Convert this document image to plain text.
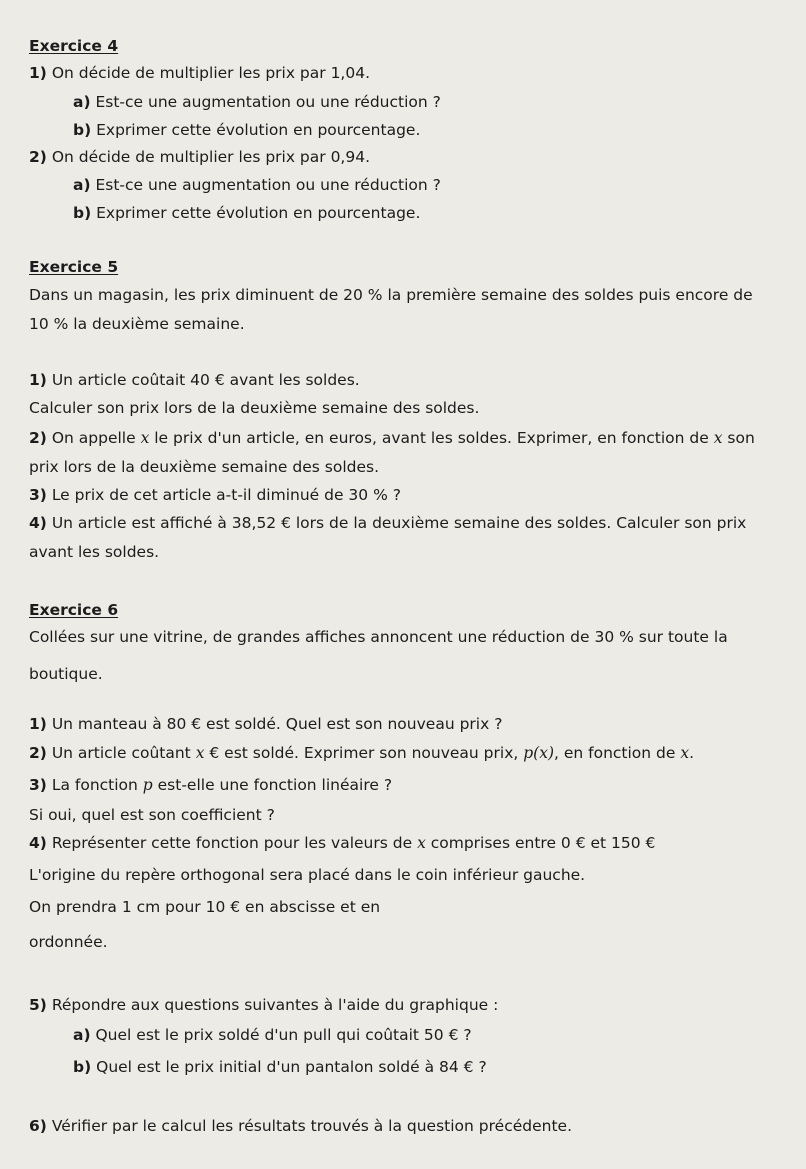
Exercice 4
1) On décide de multiplier les prix par 1,04.
a) Est-ce une augmentation ou une réduction ?
b) Exprimer cette évolution en pourcentage.
2) On décide de multiplier les prix par 0,94.
a) Est-ce une augmentation ou une réduction ?
b) Exprimer cette évolution en pourcentage.
Exercice 5
Dans un magasin, les prix diminuent de 20 % la première semaine des soldes puis encore de
10 % la deuxième semaine.
1) Un article coûtait 40 € avant les soldes.
Calculer son prix lors de la deuxième semaine des soldes.
2) On appelle x le prix d'un article, en euros, avant les soldes. Exprimer, en fonction de x son
prix lors de la deuxième semaine des soldes.
3) Le prix de cet article a-t-il diminué de 30 % ?
4) Un article est affiché à 38,52 € lors de la deuxième semaine des soldes. Calculer son prix
avant les soldes.
Exercice 6
Collées sur une vitrine, de grandes affiches annoncent une réduction de 30 % sur toute la
boutique.
1) Un manteau à 80 € est soldé. Quel est son nouveau prix ?
2) Un article coûtant x € est soldé. Exprimer son nouveau prix, p(x), en fonction de x.
3) La fonction p est-elle une fonction linéaire ?
Si oui, quel est son coefficient ?
4) Représenter cette fonction pour les valeurs de x comprises entre 0 € et 150 €
L'origine du repère orthogonal sera placé dans le coin inférieur gauche.
On prendra 1 cm pour 10 € en abscisse et en
ordonnée.
5) Répondre aux questions suivantes à l'aide du graphique :
a) Quel est le prix soldé d'un pull qui coûtait 50 € ?
b) Quel est le prix initial d'un pantalon soldé à 84 € ?
6) Vérifier par le calcul les résultats trouvés à la question précédente.
